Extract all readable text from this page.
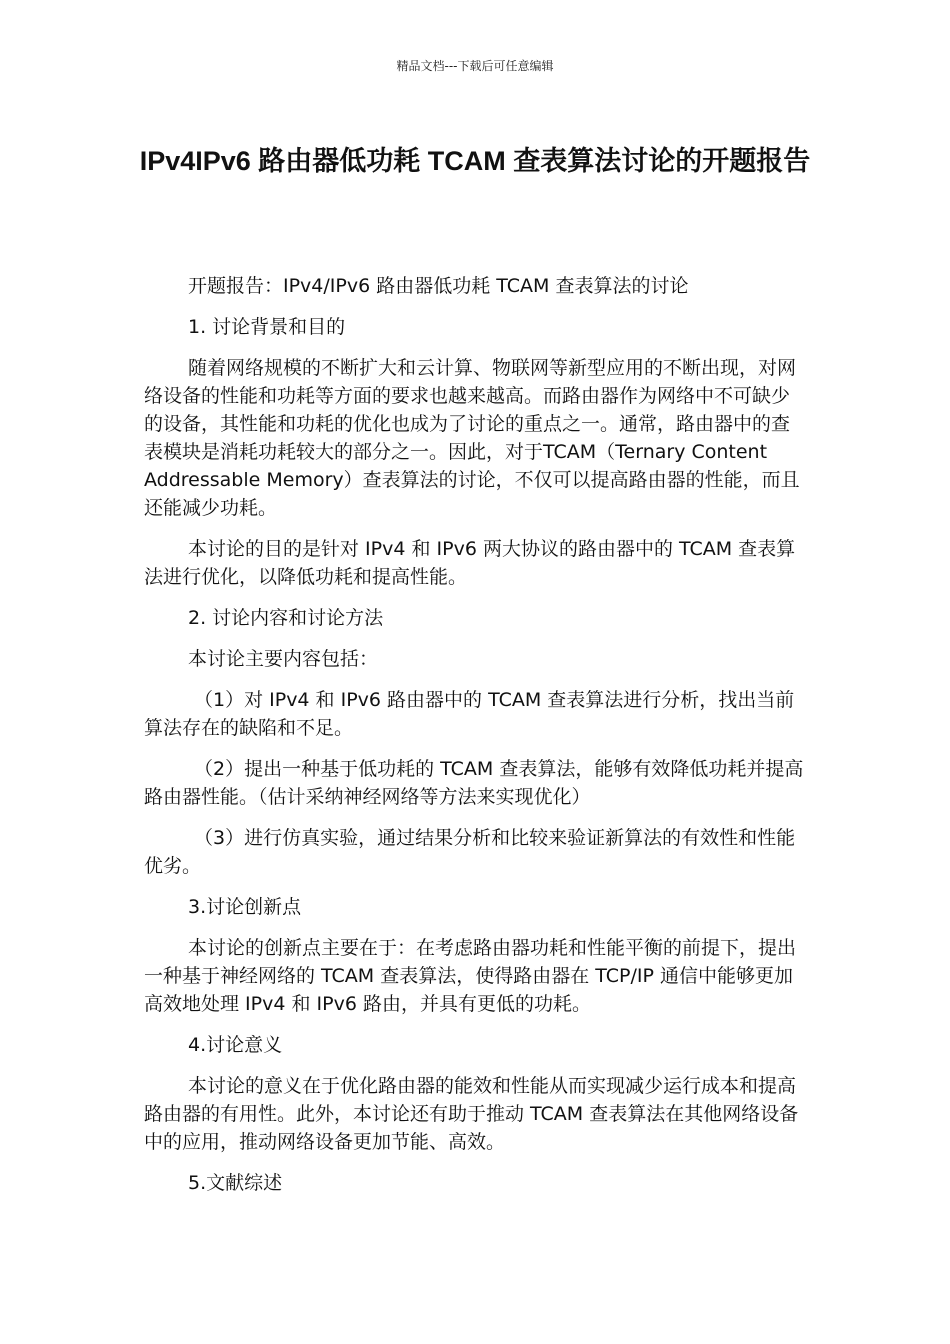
精品文档---下载后可任意编辑
IPv4IPv6 路由器低功耗 TCAM 查表算法讨论的开题报告

开题报告：IPv4/IPv6 路由器低功耗 TCAM 查表算法的讨论

1. 讨论背景和目的

随着网络规模的不断扩大和云计算、物联网等新型应用的不断出现，对网络设备的性能和功耗等方面的要求也越来越高。而路由器作为网络中不可缺少的设备，其性能和功耗的优化也成为了讨论的重点之一。通常，路由器中的查表模块是消耗功耗较大的部分之一。因此，对于TCAM（Ternary Content Addressable Memory）查表算法的讨论，不仅可以提高路由器的性能，而且还能减少功耗。

本讨论的目的是针对 IPv4 和 IPv6 两大协议的路由器中的 TCAM 查表算法进行优化，以降低功耗和提高性能。

2. 讨论内容和讨论方法

本讨论主要内容包括：

（1）对 IPv4 和 IPv6 路由器中的 TCAM 查表算法进行分析，找出当前算法存在的缺陷和不足。

（2）提出一种基于低功耗的 TCAM 查表算法，能够有效降低功耗并提高路由器性能。（估计采纳神经网络等方法来实现优化）

（3）进行仿真实验，通过结果分析和比较来验证新算法的有效性和性能优劣。

3.讨论创新点

本讨论的创新点主要在于：在考虑路由器功耗和性能平衡的前提下，提出一种基于神经网络的 TCAM 查表算法，使得路由器在 TCP/IP 通信中能够更加高效地处理 IPv4 和 IPv6 路由，并具有更低的功耗。

4.讨论意义

本讨论的意义在于优化路由器的能效和性能从而实现减少运行成本和提高路由器的有用性。此外，本讨论还有助于推动 TCAM 查表算法在其他网络设备中的应用，推动网络设备更加节能、高效。

5.文献综述
